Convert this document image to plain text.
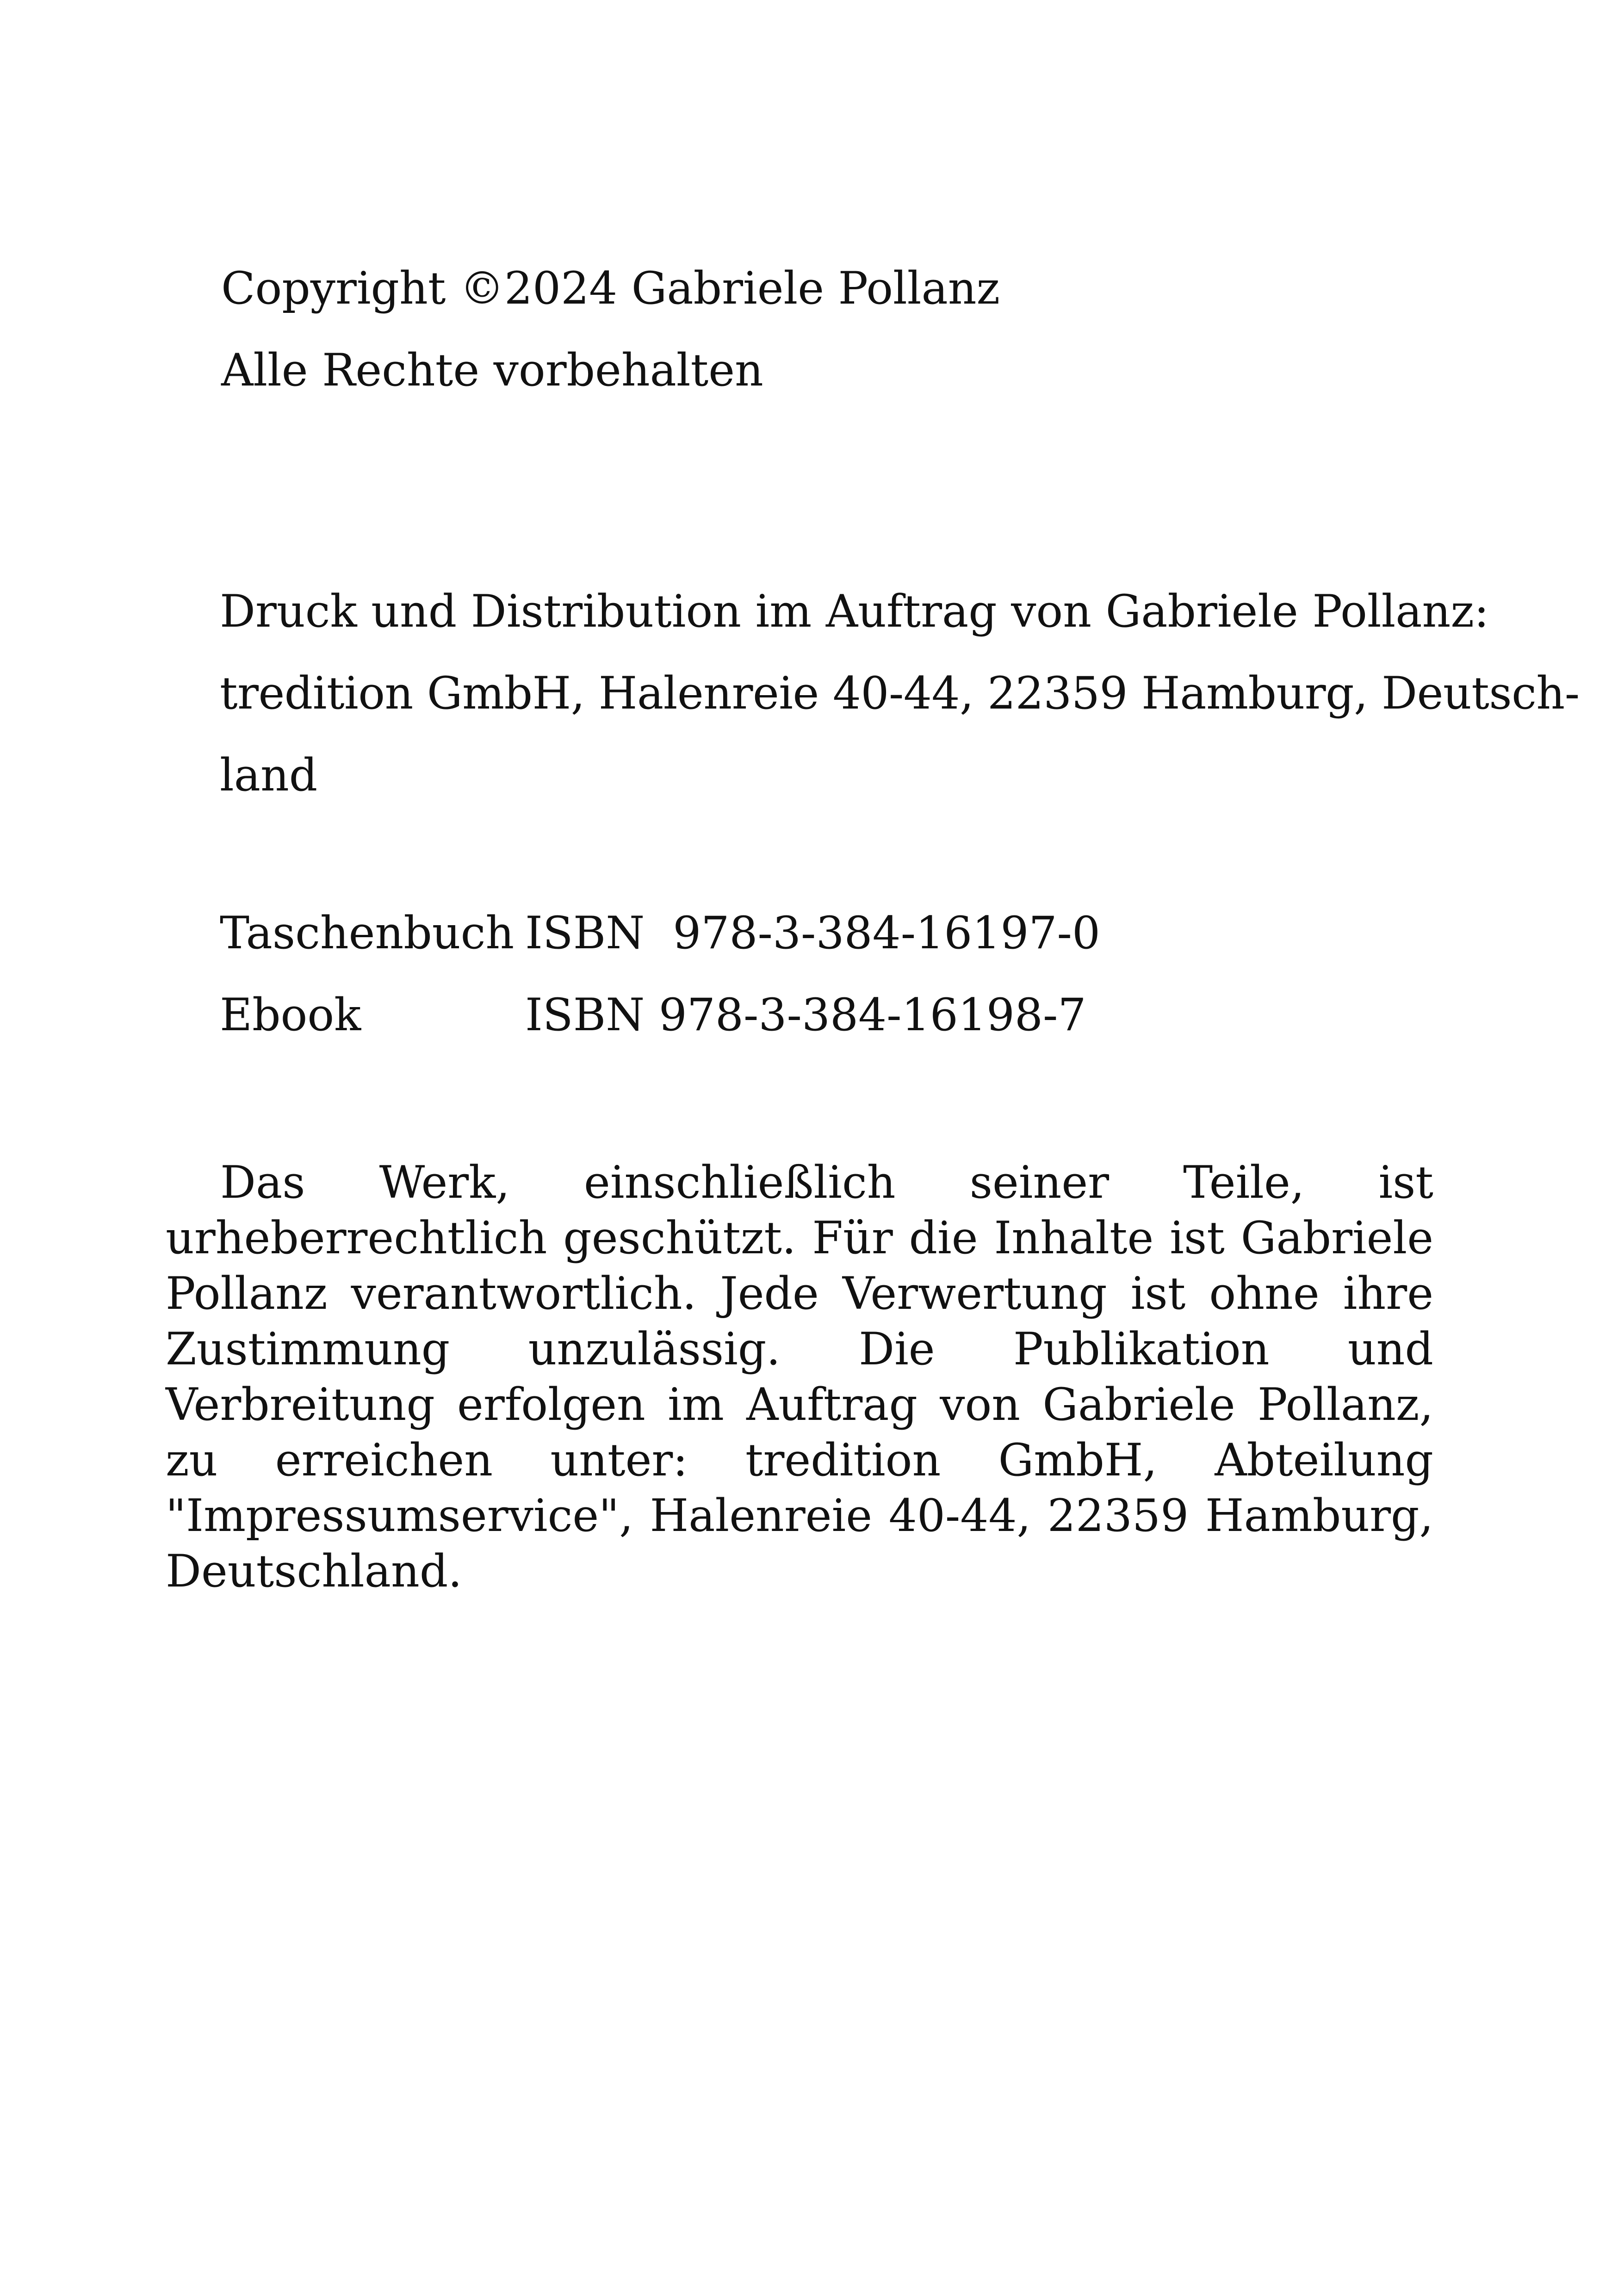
Copyright ©2024 Gabriele Pollanz
Alle Rechte vorbehalten
Druck und Distribution im Auftrag von Gabriele Pollanz:
tredition GmbH, Halenreie 40-44, 22359 Hamburg, Deutsch-
land
Taschenbuch ISBN  978-3-384-16197-0
Ebook	ISBN 978-3-384-16198-7

Das Werk, einschließlich seiner Teile, ist urheberrechtlich geschützt. Für die Inhalte ist Gabriele Pollanz verantwortlich. Jede Verwertung ist ohne ihre Zustimmung unzulässig. Die Publikation und Verbreitung erfolgen im Auftrag von Gabriele Pollanz, zu erreichen unter: tredition GmbH, Abteilung "Impressumservice", Halenreie 40-44, 22359 Hamburg, Deutschland.
